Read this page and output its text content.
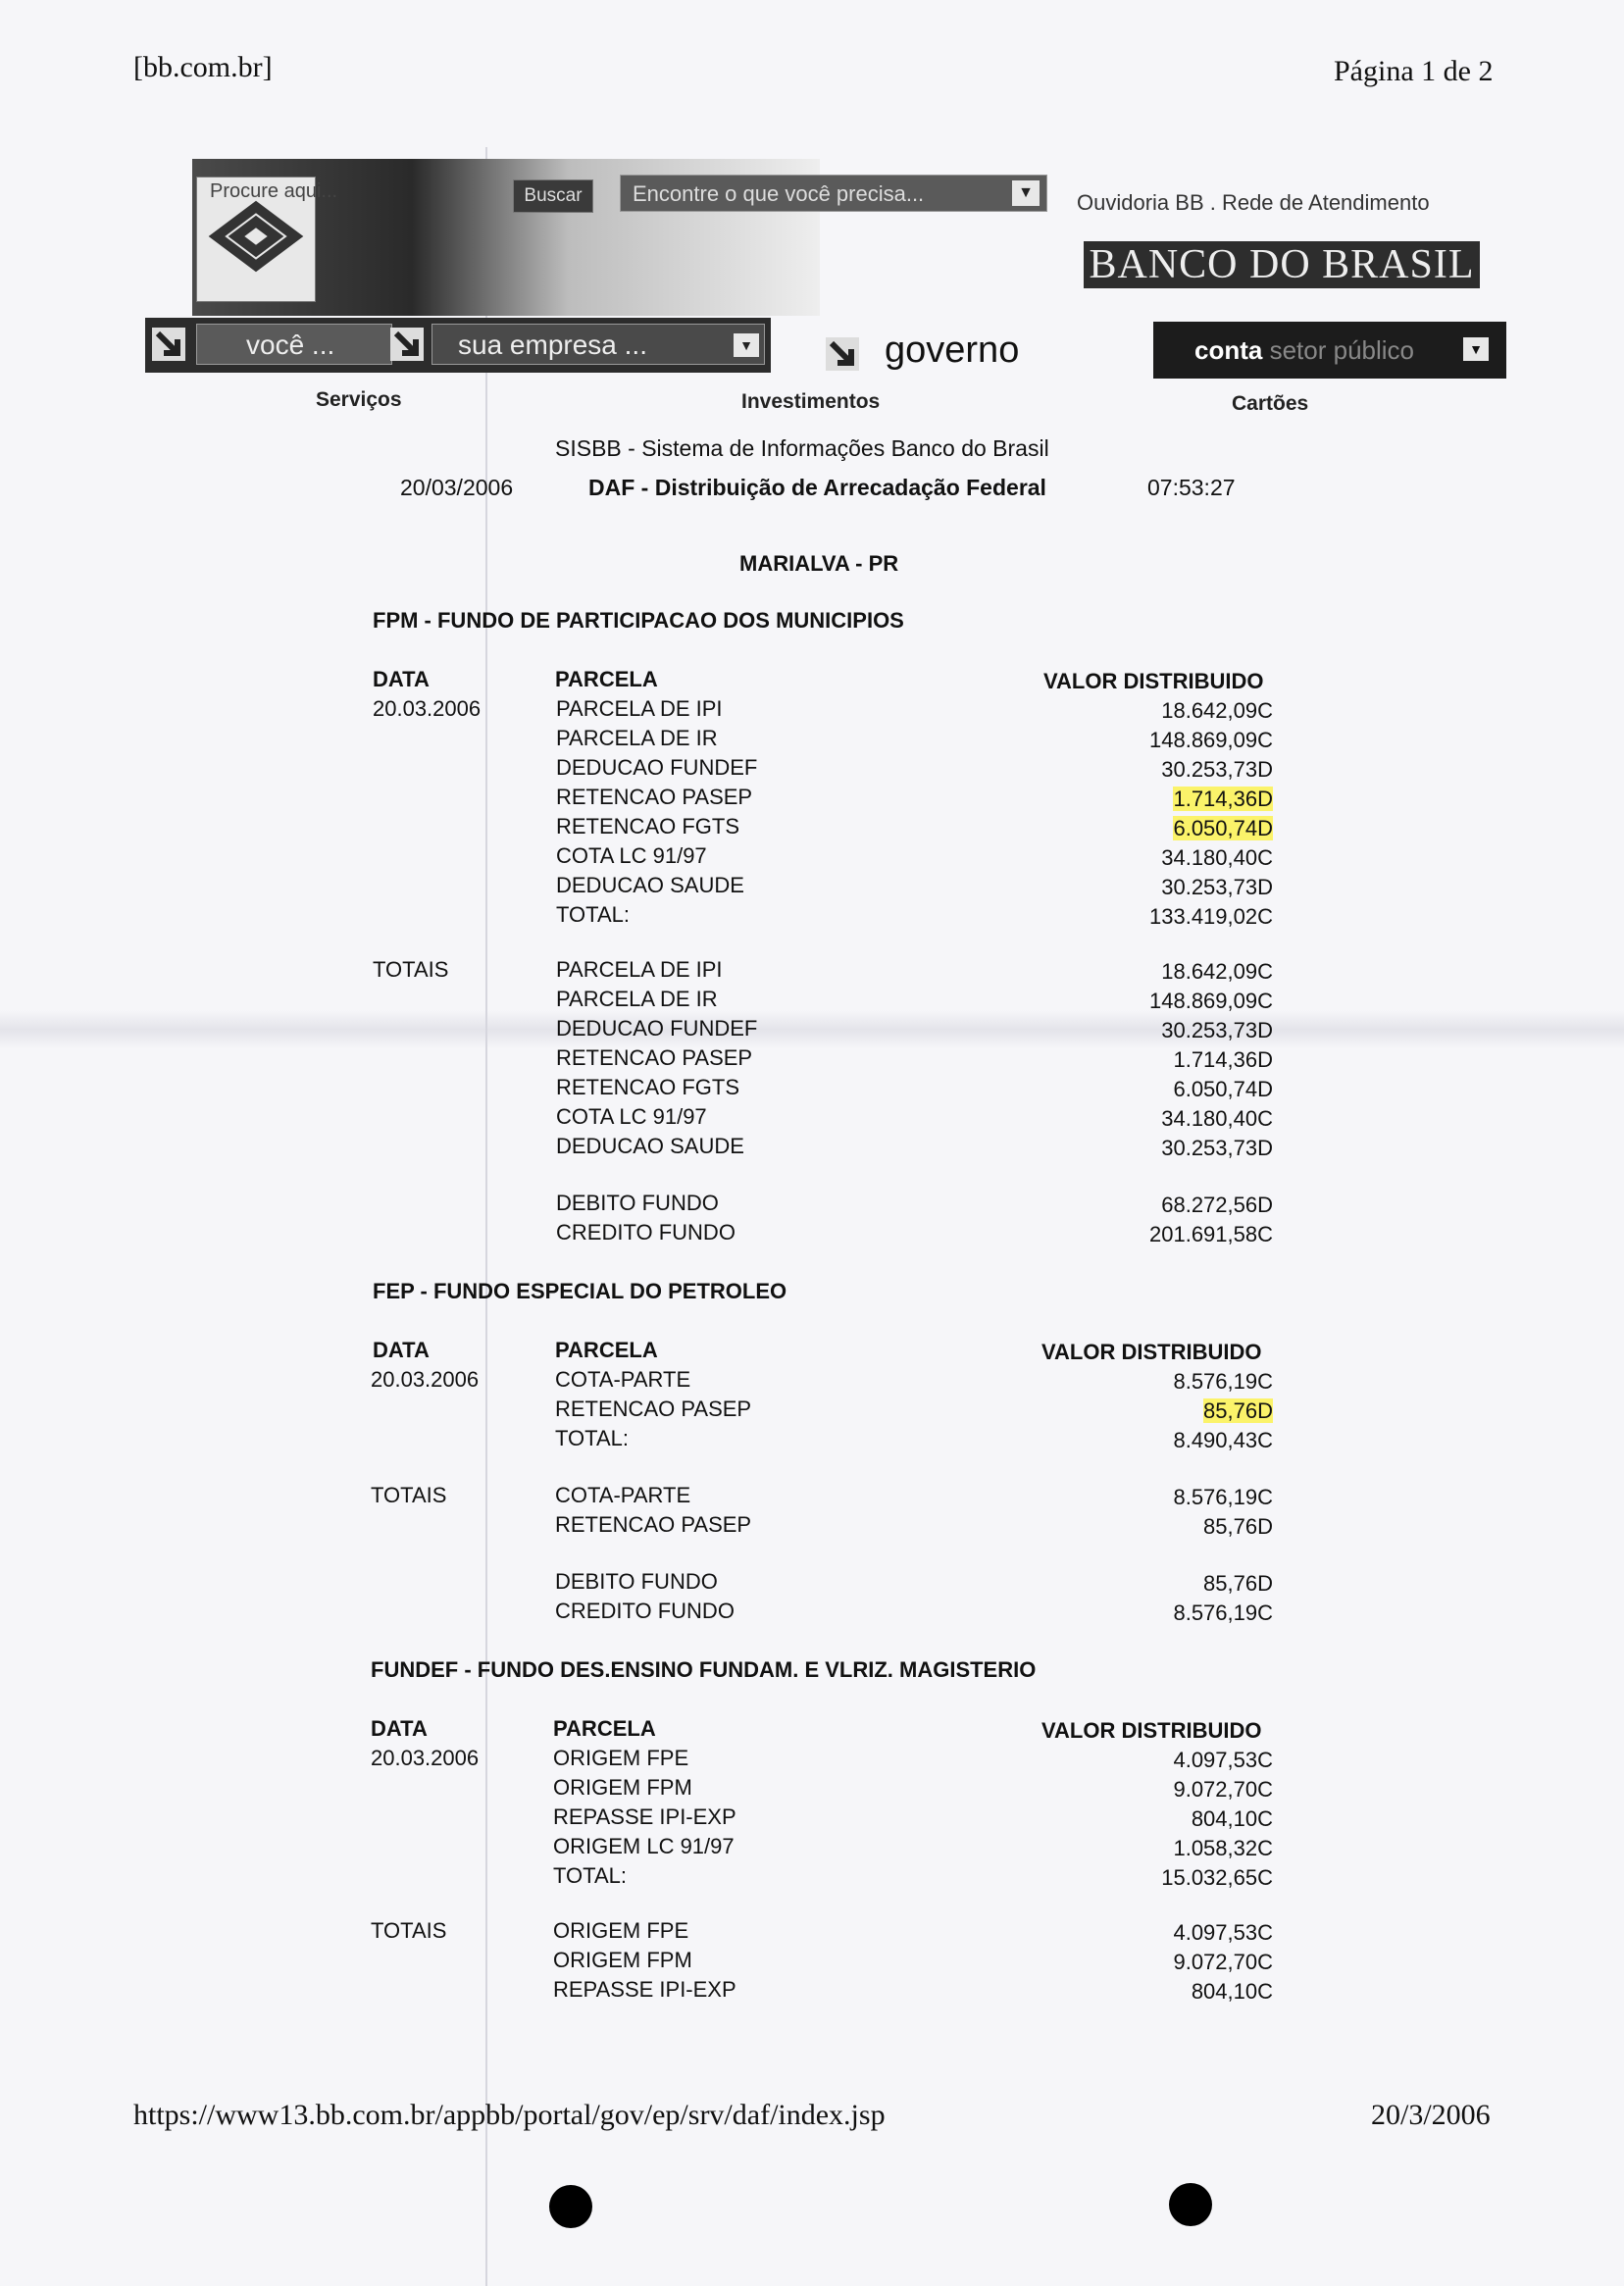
[bb.com.br]	Página 1 de 2
Procure aqui...	Buscar	Encontre o que você precisa...	▼ Ouvidoria BB . Rede de Atendimento
BANCO DO BRASIL
você ...	sua empresa ...	▼	governo	conta setor público	▼
Serviços	Investimentos	Cartões
SISBB - Sistema de Informações Banco do Brasil
20/03/2006	DAF - Distribuição de Arrecadação Federal	07:53:27
MARIALVA - PR
FPM - FUNDO DE PARTICIPACAO DOS MUNICIPIOS
DATA	PARCELA	VALOR DISTRIBUIDO
20.03.2006	PARCELA DE IPI	18.642,09C
PARCELA DE IR	148.869,09C
DEDUCAO FUNDEF	30.253,73D
RETENCAO PASEP	1.714,36D
RETENCAO FGTS	6.050,74D
COTA LC 91/97	34.180,40C
DEDUCAO SAUDE	30.253,73D
TOTAL:	133.419,02C
TOTAIS	PARCELA DE IPI	18.642,09C
PARCELA DE IR	148.869,09C
DEDUCAO FUNDEF	30.253,73D
RETENCAO PASEP	1.714,36D
RETENCAO FGTS	6.050,74D
COTA LC 91/97	34.180,40C
DEDUCAO SAUDE	30.253,73D
DEBITO FUNDO	68.272,56D
CREDITO FUNDO	201.691,58C
FEP - FUNDO ESPECIAL DO PETROLEO
DATA	PARCELA	VALOR DISTRIBUIDO
20.03.2006	COTA-PARTE	8.576,19C
RETENCAO PASEP	85,76D
TOTAL:	8.490,43C
TOTAIS	COTA-PARTE	8.576,19C
RETENCAO PASEP	85,76D
DEBITO FUNDO	85,76D
CREDITO FUNDO	8.576,19C
FUNDEF - FUNDO DES.ENSINO FUNDAM. E VLRIZ. MAGISTERIO
DATA	PARCELA	VALOR DISTRIBUIDO
20.03.2006	ORIGEM FPE	4.097,53C
ORIGEM FPM	9.072,70C
REPASSE IPI-EXP	804,10C
ORIGEM LC 91/97	1.058,32C
TOTAL:	15.032,65C
TOTAIS	ORIGEM FPE	4.097,53C
ORIGEM FPM	9.072,70C
REPASSE IPI-EXP	804,10C
https://www13.bb.com.br/appbb/portal/gov/ep/srv/daf/index.jsp	20/3/2006
